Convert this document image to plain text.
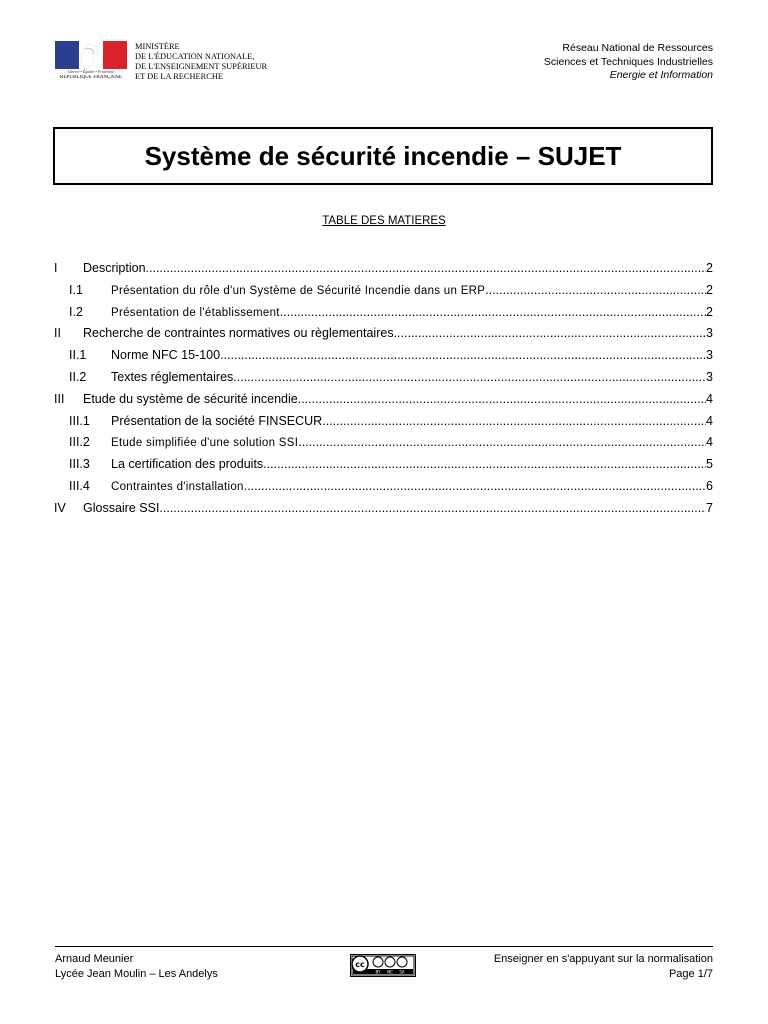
Liberté • Égalité • Fraternité
RÉPUBLIQUE FRANÇAISE
MINISTÈRE
DE L'ÉDUCATION NATIONALE,
DE L'ENSEIGNEMENT SUPÉRIEUR
ET DE LA RECHERCHE
Réseau National de Ressources
Sciences et Techniques Industrielles
Energie et Information
Système de sécurité incendie – SUJET
TABLE DES MATIERES
I	Description .....	2
I.1	Présentation du rôle d'un Système de Sécurité Incendie dans un ERP .....	2
I.2	Présentation de l'établissement .....	2
II	Recherche de contraintes normatives ou règlementaires .....	3
II.1	Norme NFC 15-100 .....	3
II.2	Textes réglementaires .....	3
III	Etude du système de sécurité incendie .....	4
III.1	Présentation de la société FINSECUR .....	4
III.2	Etude simplifiée d'une solution SSI .....	4
III.3	La certification des produits .....	5
III.4	Contraintes d'installation .....	6
IV	Glossaire SSI .....	7
Arnaud Meunier
Lycée Jean Moulin – Les Andelys
cc
BY NC SA
Enseigner en s'appuyant sur la normalisation
Page 1/7
